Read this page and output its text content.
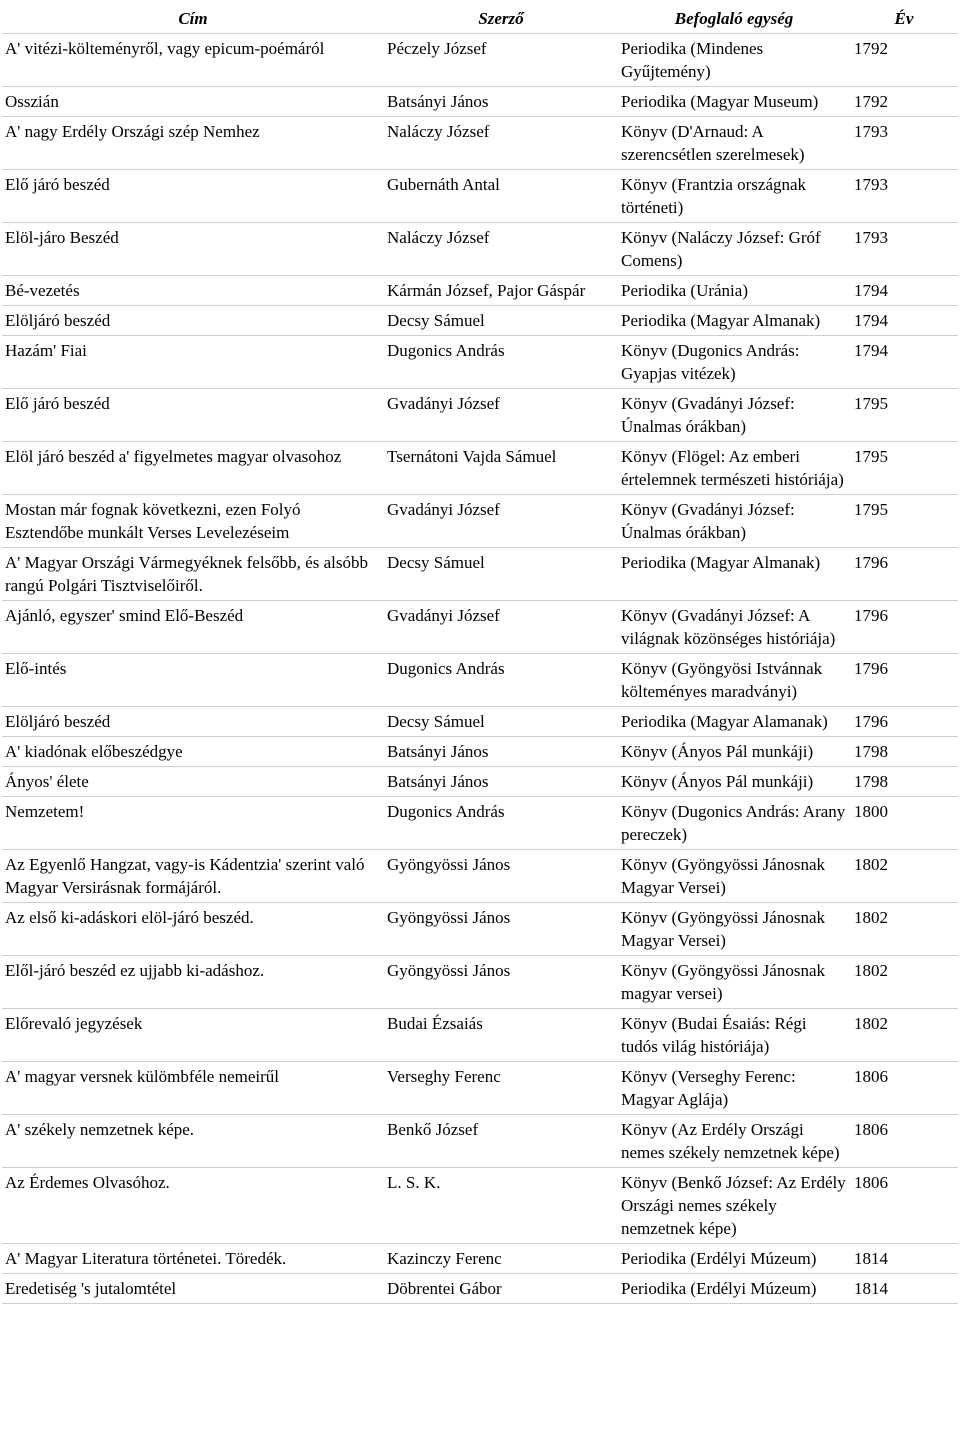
Cím	Szerző	Befoglaló egység	Év
A' vitézi-költeményről, vagy epicum-poémáról	Péczely József	Periodika (Mindenes Gyűjtemény)	1792
Osszián	Batsányi János	Periodika (Magyar Museum)	1792
A' nagy Erdély Országi szép Nemhez	Naláczy József	Könyv (D'Arnaud: A szerencsétlen szerelmesek)	1793
Elő járó beszéd	Gubernáth Antal	Könyv (Frantzia országnak történeti)	1793
Elöl-járo Beszéd	Naláczy József	Könyv (Naláczy József: Gróf Comens)	1793
Bé-vezetés	Kármán József, Pajor Gáspár	Periodika (Uránia)	1794
Elöljáró beszéd	Decsy Sámuel	Periodika (Magyar Almanak)	1794
Hazám' Fiai	Dugonics András	Könyv (Dugonics András: Gyapjas vitézek)	1794
Elő járó beszéd	Gvadányi József	Könyv (Gvadányi József: Únalmas órákban)	1795
Elöl járó beszéd a' figyelmetes magyar olvasohoz	Tsernátoni Vajda Sámuel	Könyv (Flögel: Az emberi értelemnek természeti históriája)	1795
Mostan már fognak következni, ezen Folyó Esztendőbe munkált Verses Levelezéseim	Gvadányi József	Könyv (Gvadányi József: Únalmas órákban)	1795
A' Magyar Országi Vármegyéknek felsőbb, és alsóbb rangú Polgári Tisztviselőiről.	Decsy Sámuel	Periodika (Magyar Almanak)	1796
Ajánló, egyszer' smind Elő-Beszéd	Gvadányi József	Könyv (Gvadányi József: A világnak közönséges históriája)	1796
Elő-intés	Dugonics András	Könyv (Gyöngyösi Istvánnak költeményes maradványi)	1796
Elöljáró beszéd	Decsy Sámuel	Periodika (Magyar Alamanak)	1796
A' kiadónak előbeszédgye	Batsányi János	Könyv (Ányos Pál munkáji)	1798
Ányos' élete	Batsányi János	Könyv (Ányos Pál munkáji)	1798
Nemzetem!	Dugonics András	Könyv (Dugonics András: Arany pereczek)	1800
Az Egyenlő Hangzat, vagy-is Kádentzia' szerint való Magyar Versirásnak formájáról.	Gyöngyössi János	Könyv (Gyöngyössi Jánosnak Magyar Versei)	1802
Az első ki-adáskori elöl-járó beszéd.	Gyöngyössi János	Könyv (Gyöngyössi Jánosnak Magyar Versei)	1802
Elől-járó beszéd ez ujjabb ki-adáshoz.	Gyöngyössi János	Könyv (Gyöngyössi Jánosnak magyar versei)	1802
Előrevaló jegyzések	Budai Ézsaiás	Könyv (Budai Ésaiás: Régi tudós világ históriája)	1802
A' magyar versnek külömbféle nemeirűl	Verseghy Ferenc	Könyv (Verseghy Ferenc: Magyar Aglája)	1806
A' székely nemzetnek képe.	Benkő József	Könyv (Az Erdély Országi nemes székely nemzetnek képe)	1806
Az Érdemes Olvasóhoz.	L. S. K.	Könyv (Benkő József: Az Erdély Országi nemes székely nemzetnek képe)	1806
A' Magyar Literatura történetei. Töredék.	Kazinczy Ferenc	Periodika (Erdélyi Múzeum)	1814
Eredetiség 's jutalomtétel	Döbrentei Gábor	Periodika (Erdélyi Múzeum)	1814
